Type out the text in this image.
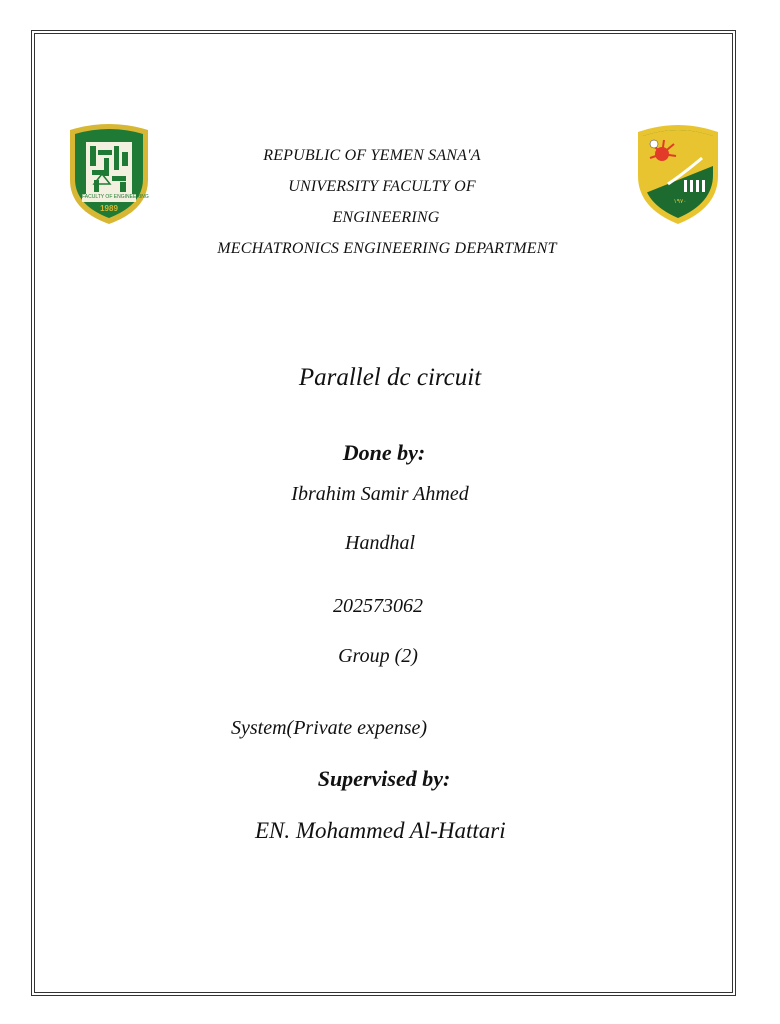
FACULTY OF ENGINEERING
1989
١٩٧٠
REPUBLIC OF YEMEN SANA'A
UNIVERSITY FACULTY OF
ENGINEERING
MECHATRONICS ENGINEERING DEPARTMENT
Parallel dc circuit
Done by:
Ibrahim Samir Ahmed
Handhal
202573062
Group (2)
System(Private expense)
Supervised by:
EN. Mohammed Al-Hattari
